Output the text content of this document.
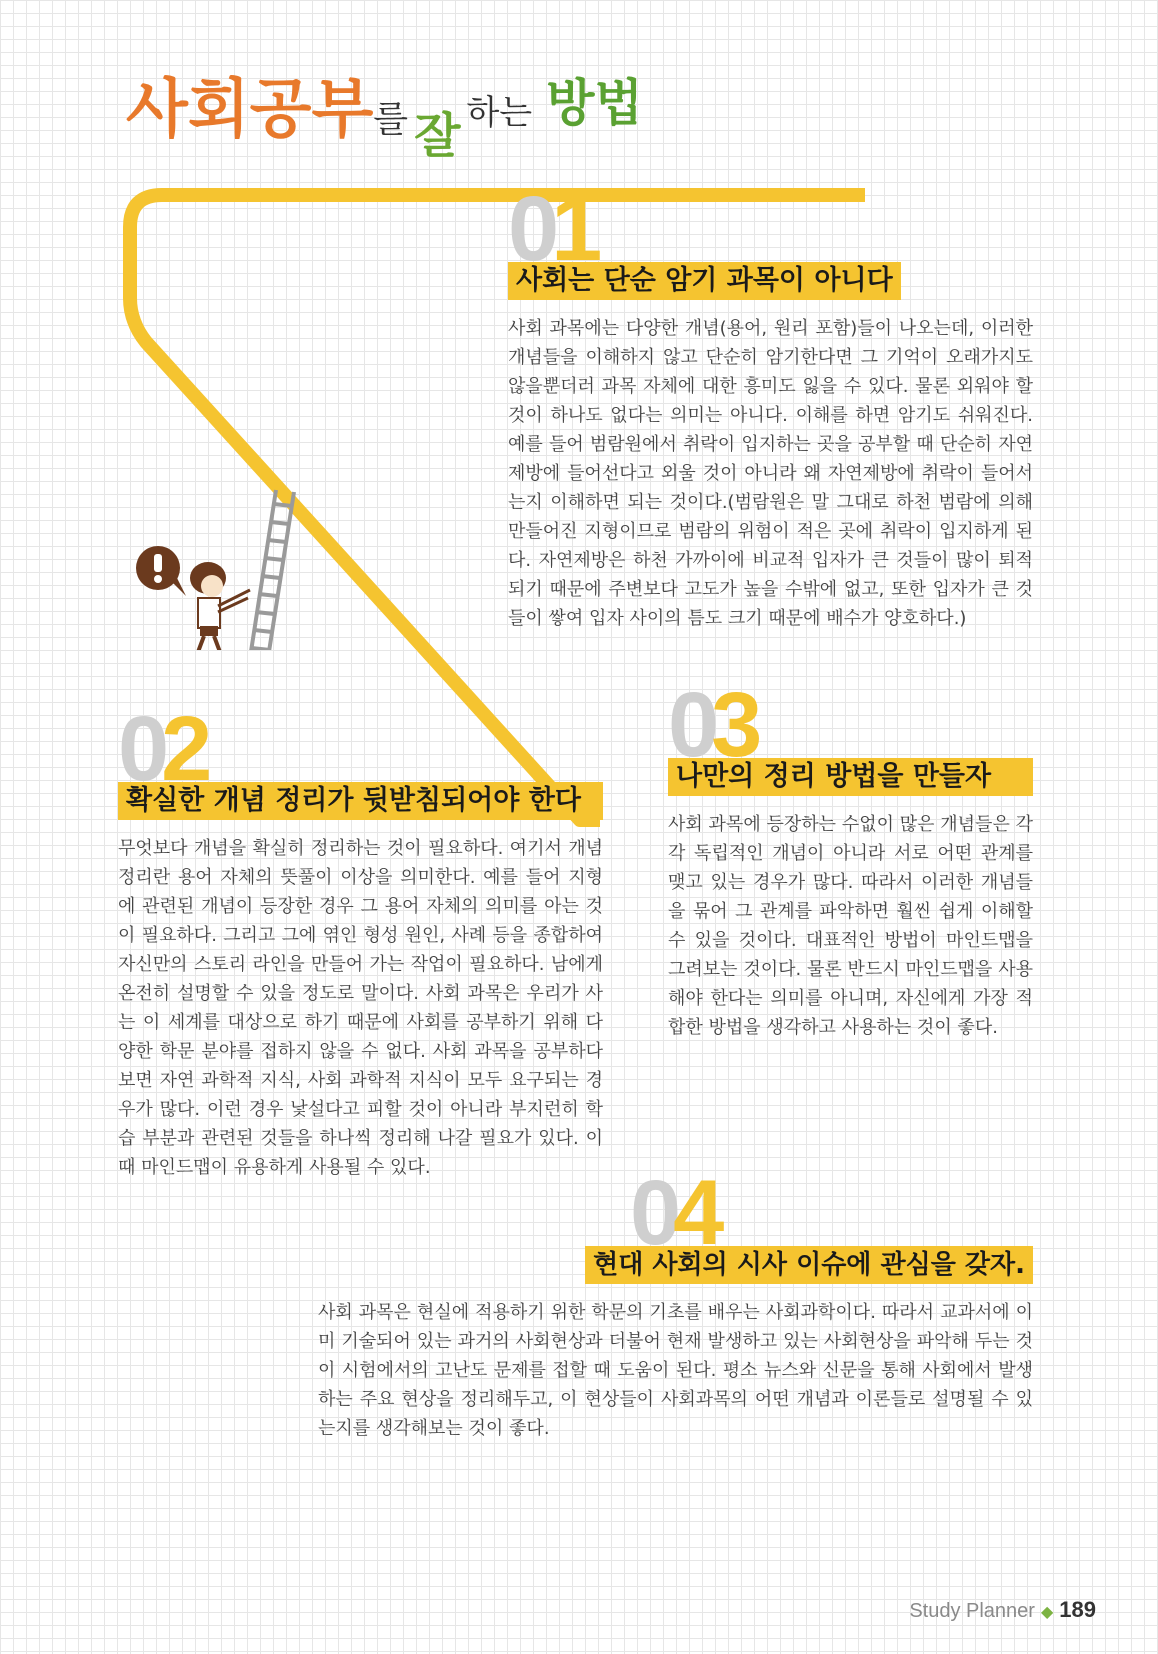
사회공부를 잘 하는 방법
01
사회는 단순 암기 과목이 아니다

사회 과목에는 다양한 개념(용어, 원리 포함)들이 나오는데, 이러한 개념들을 이해하지 않고 단순히 암기한다면 그 기억이 오래가지도 않을뿐더러 과목 자체에 대한 흥미도 잃을 수 있다. 물론 외워야 할 것이 하나도 없다는 의미는 아니다. 이해를 하면 암기도 쉬워진다. 예를 들어 범람원에서 취락이 입지하는 곳을 공부할 때 단순히 자연제방에 들어선다고 외울 것이 아니라 왜 자연제방에 취락이 들어서는지 이해하면 되는 것이다.(범람원은 말 그대로 하천 범람에 의해 만들어진 지형이므로 범람의 위험이 적은 곳에 취락이 입지하게 된다. 자연제방은 하천 가까이에 비교적 입자가 큰 것들이 많이 퇴적되기 때문에 주변보다 고도가 높을 수밖에 없고, 또한 입자가 큰 것들이 쌓여 입자 사이의 틈도 크기 때문에 배수가 양호하다.)

02
확실한 개념 정리가 뒷받침되어야 한다

무엇보다 개념을 확실히 정리하는 것이 필요하다. 여기서 개념 정리란 용어 자체의 뜻풀이 이상을 의미한다. 예를 들어 지형에 관련된 개념이 등장한 경우 그 용어 자체의 의미를 아는 것이 필요하다. 그리고 그에 엮인 형성 원인, 사례 등을 종합하여 자신만의 스토리 라인을 만들어 가는 작업이 필요하다. 남에게 온전히 설명할 수 있을 정도로 말이다. 사회 과목은 우리가 사는 이 세계를 대상으로 하기 때문에 사회를 공부하기 위해 다양한 학문 분야를 접하지 않을 수 없다. 사회 과목을 공부하다 보면 자연 과학적 지식, 사회 과학적 지식이 모두 요구되는 경우가 많다. 이런 경우 낯설다고 피할 것이 아니라 부지런히 학습 부분과 관련된 것들을 하나씩 정리해 나갈 필요가 있다. 이때 마인드맵이 유용하게 사용될 수 있다.

03
나만의 정리 방법을 만들자

사회 과목에 등장하는 수없이 많은 개념들은 각각 독립적인 개념이 아니라 서로 어떤 관계를 맺고 있는 경우가 많다. 따라서 이러한 개념들을 묶어 그 관계를 파악하면 훨씬 쉽게 이해할 수 있을 것이다. 대표적인 방법이 마인드맵을 그려보는 것이다. 물론 반드시 마인드맵을 사용해야 한다는 의미를 아니며, 자신에게 가장 적합한 방법을 생각하고 사용하는 것이 좋다.

04
현대 사회의 시사 이슈에 관심을 갖자.

사회 과목은 현실에 적용하기 위한 학문의 기초를 배우는 사회과학이다. 따라서 교과서에 이미 기술되어 있는 과거의 사회현상과 더불어 현재 발생하고 있는 사회현상을 파악해 두는 것이 시험에서의 고난도 문제를 접할 때 도움이 된다. 평소 뉴스와 신문을 통해 사회에서 발생하는 주요 현상을 정리해두고, 이 현상들이 사회과목의 어떤 개념과 이론들로 설명될 수 있는지를 생각해보는 것이 좋다.

Study Planner ◆ 189
